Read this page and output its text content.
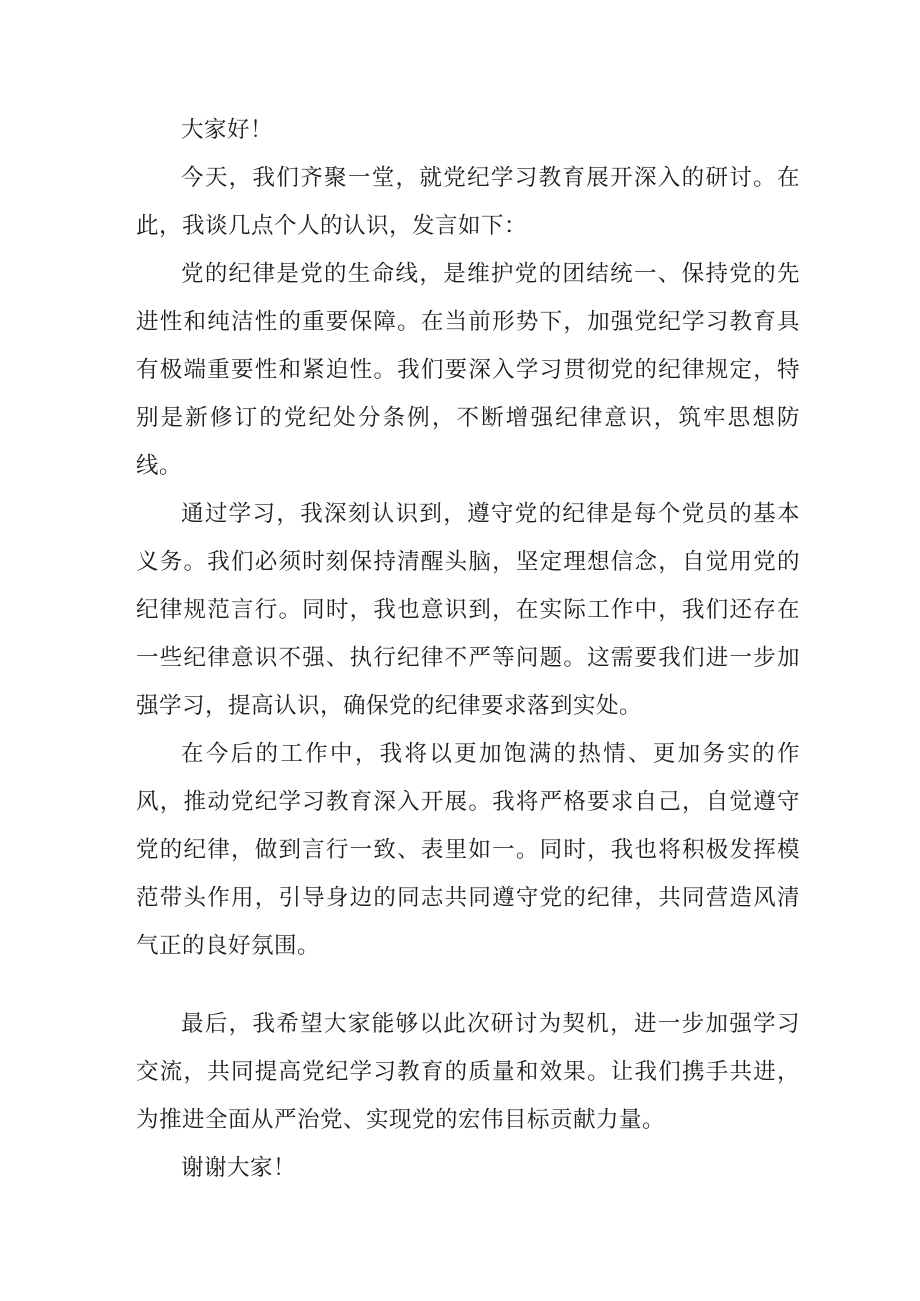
大家好！

今天，我们齐聚一堂，就党纪学习教育展开深入的研讨。在此，我谈几点个人的认识，发言如下：

党的纪律是党的生命线，是维护党的团结统一、保持党的先进性和纯洁性的重要保障。在当前形势下，加强党纪学习教育具有极端重要性和紧迫性。我们要深入学习贯彻党的纪律规定，特别是新修订的党纪处分条例，不断增强纪律意识，筑牢思想防线。

通过学习，我深刻认识到，遵守党的纪律是每个党员的基本义务。我们必须时刻保持清醒头脑，坚定理想信念，自觉用党的纪律规范言行。同时，我也意识到，在实际工作中，我们还存在一些纪律意识不强、执行纪律不严等问题。这需要我们进一步加强学习，提高认识，确保党的纪律要求落到实处。

在今后的工作中，我将以更加饱满的热情、更加务实的作风，推动党纪学习教育深入开展。我将严格要求自己，自觉遵守党的纪律，做到言行一致、表里如一。同时，我也将积极发挥模范带头作用，引导身边的同志共同遵守党的纪律，共同营造风清气正的良好氛围。

最后，我希望大家能够以此次研讨为契机，进一步加强学习交流，共同提高党纪学习教育的质量和效果。让我们携手共进，为推进全面从严治党、实现党的宏伟目标贡献力量。

谢谢大家！
